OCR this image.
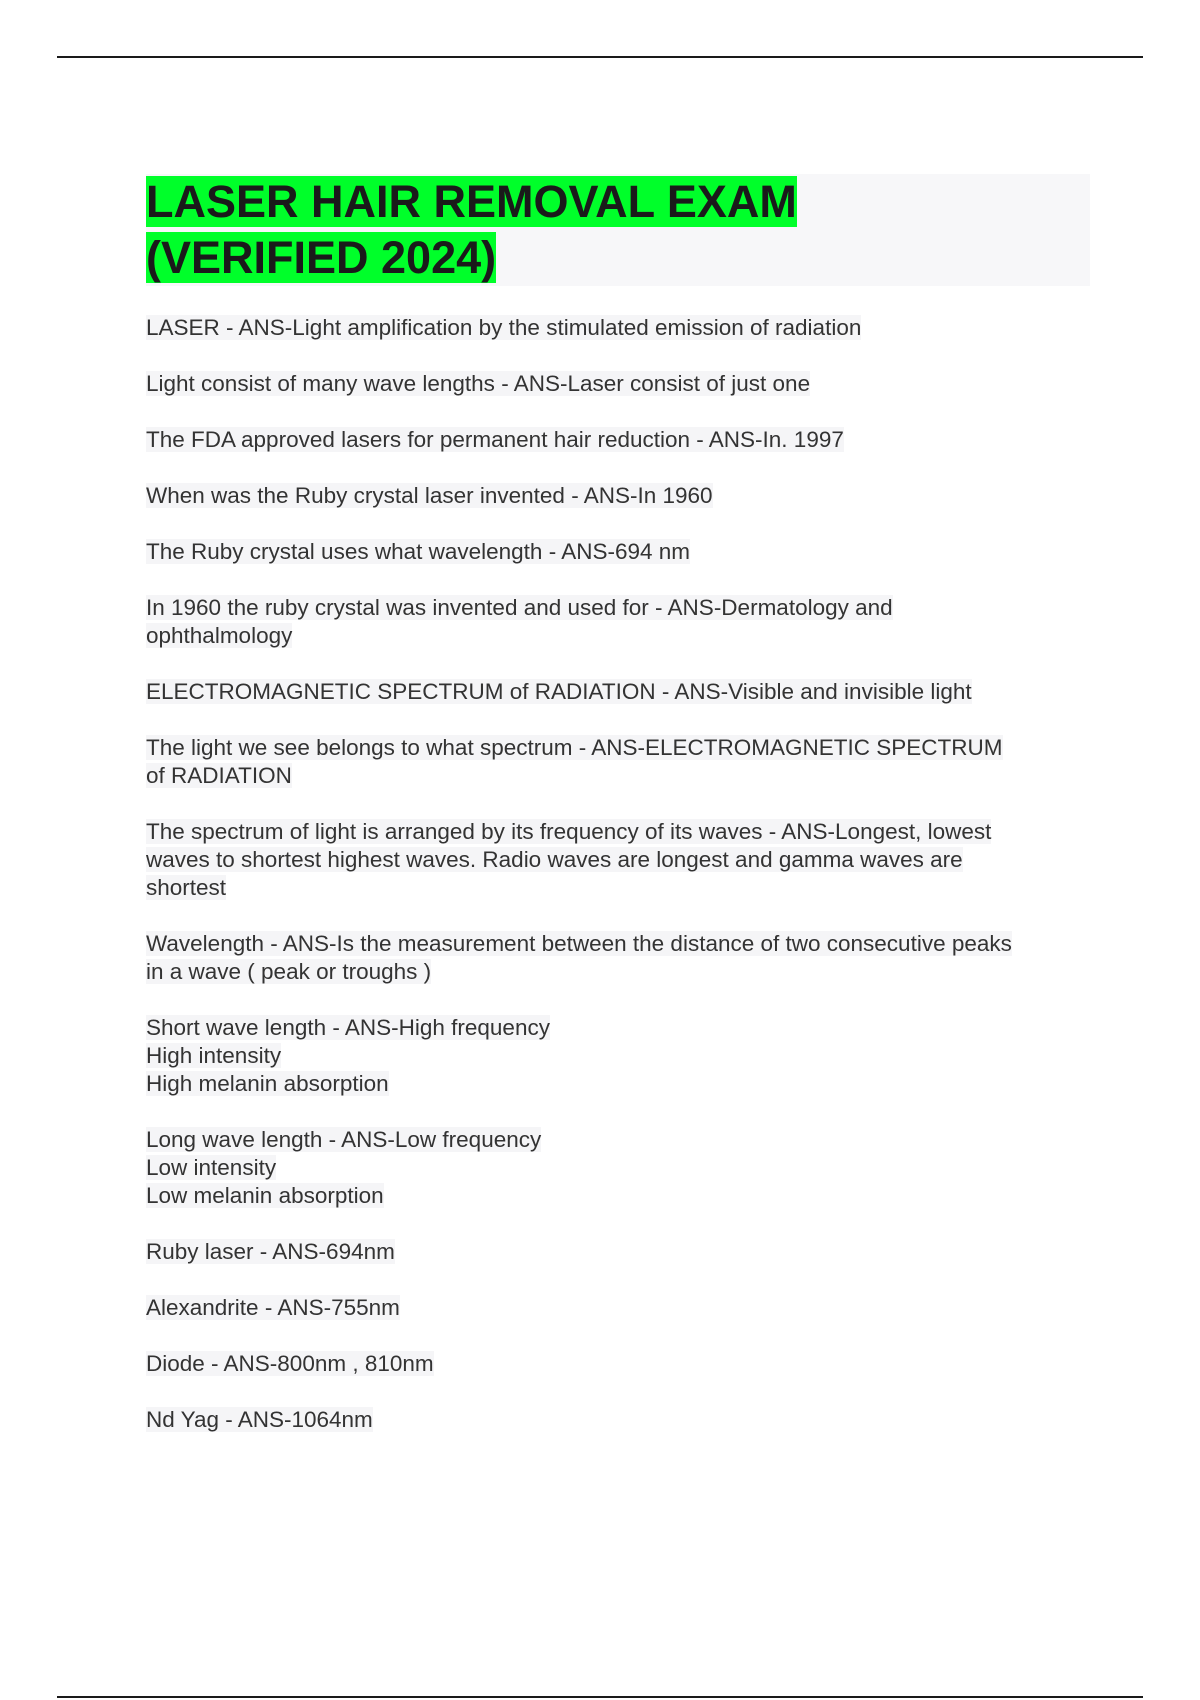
LASER HAIR REMOVAL EXAM
(VERIFIED 2024)
LASER - ANS-Light amplification by the stimulated emission of radiation
Light consist of many wave lengths - ANS-Laser consist of just one
The FDA approved lasers for permanent hair reduction - ANS-In. 1997
When was the Ruby crystal laser invented - ANS-In 1960
The Ruby crystal uses what wavelength - ANS-694 nm
In 1960 the ruby crystal was invented and used for - ANS-Dermatology and
ophthalmology
ELECTROMAGNETIC SPECTRUM of RADIATION - ANS-Visible and invisible light
The light we see belongs to what spectrum - ANS-ELECTROMAGNETIC SPECTRUM
of RADIATION
The spectrum of light is arranged by its frequency of its waves - ANS-Longest, lowest
waves to shortest highest waves. Radio waves are longest and gamma waves are
shortest
Wavelength - ANS-Is the measurement between the distance of two consecutive peaks
in a wave ( peak or troughs )
Short wave length - ANS-High frequency
High intensity
High melanin absorption
Long wave length - ANS-Low frequency
Low intensity
Low melanin absorption
Ruby laser - ANS-694nm
Alexandrite - ANS-755nm
Diode - ANS-800nm , 810nm
Nd Yag - ANS-1064nm
